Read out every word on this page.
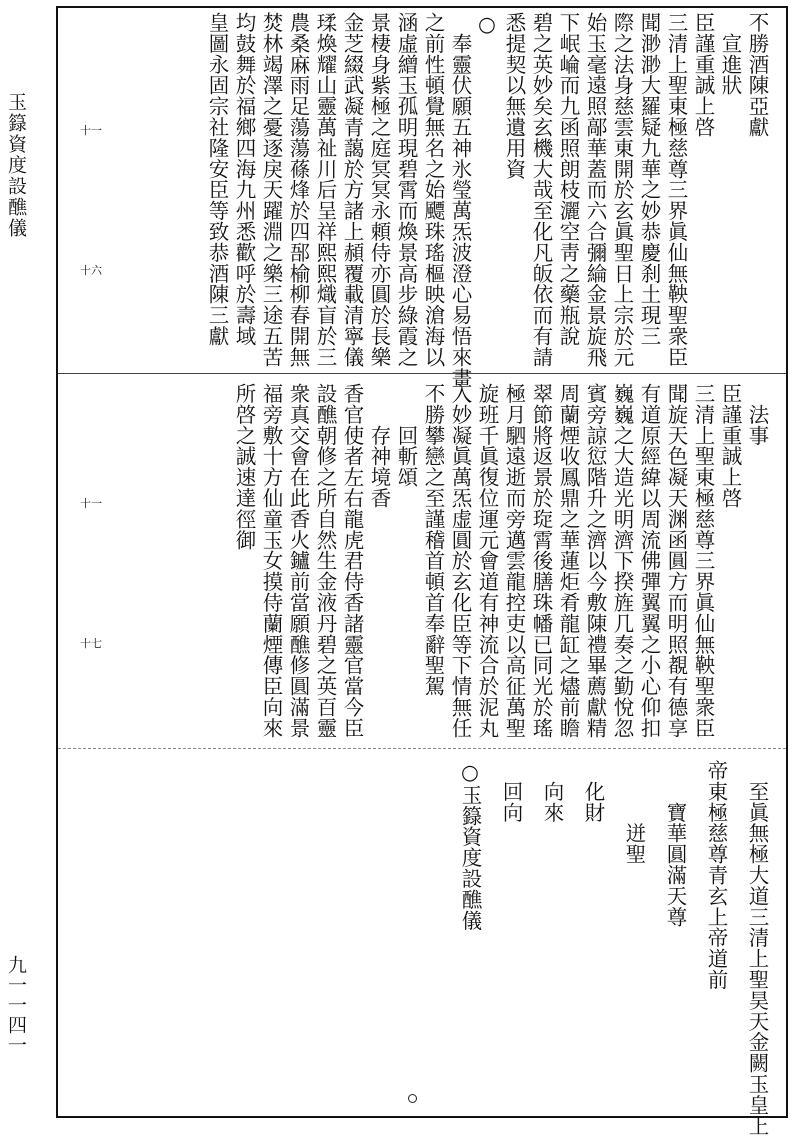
玉籙資度設醮儀
九一一四一
不勝酒陳亞獻
　宣進狀
臣謹重誠上啓
三清上聖東極慈尊三界眞仙無鞅聖衆臣
聞渺渺大羅疑九華之妙恭慶刹土現三
際之法身慈雲東開於玄眞聖日上宗於元
始玉毫遠照鄗華蓋而六合彌綸金景旋飛
下岷崘而九函照朗枝灑空靑之藥瓶說
碧之英妙矣玄機大哉至化凡皈依而有請
悉提契以無遺用資
○
　奉靈伏願五神氷瑩萬炁波澄心易悟來畫
之前性頓覺無名之始飃珠瑤樞映滄海以
涵虛繒玉孤明現碧霄而煥景高步綠霞之
景棲身紫極之庭冥冥永頼侍亦圓於長樂
金芝綴武凝青藹於方諸上頳覆載清寧儀
瑈煥耀山靈萬祉川后呈祥熙熙熾盲於三
農桑麻雨足蕩蕩蓧烽於四郚榆柳春開無
焚林竭澤之憂逐戾天躍淵之樂三途五苦
均鼓舞於福鄉四海九州悉歡呼於壽域
皇圖永固宗社隆安臣等致恭酒陳三獻
十一
十六
　法事
臣謹重誠上啓
三清上聖東極慈尊三界眞仙無鞅聖衆臣
聞旋天色凝天渊函圓方而明照覩有德享
有道原經緯以周流佛彈翼翼之小心仰扣
巍巍之大造光明濟下揆旌几奏之勤悅忽
賓旁諒愆階升之濟以今敷陳禮畢薦獻精
周蘭煙收鳳鼎之華蓮炬肴龍缸之燼前瞻
翠節將返景於琁霄後膳珠幡已同光於瑤
極月駟遠逝而旁邁雲龍控吏以高征萬聖
旋班千眞復位運元會道有神流合於泥丸
入妙凝眞萬炁虚圓於玄化臣等下情無任
不勝攀戀之至謹稽首頓首奉辭聖駕
　　回斬頌
　　存神境香
香官使者左右龍虎君侍香諸靈官當今臣
設醮朝修之所自然生金液丹碧之英百靈
衆真交會在此香火鑪前當願醮修圓滿景
福旁敷十方仙童玉女摸侍蘭煙傳臣向來
所啓之誠速達徑御
十一
十七
　至眞無極大道三清上聖昊天金闕玉皇上
帝東極慈尊青玄上帝道前
　　寶華圓滿天尊
　　　迸聖
　化財
　向來
　回向
○玉籙資度設醮儀
